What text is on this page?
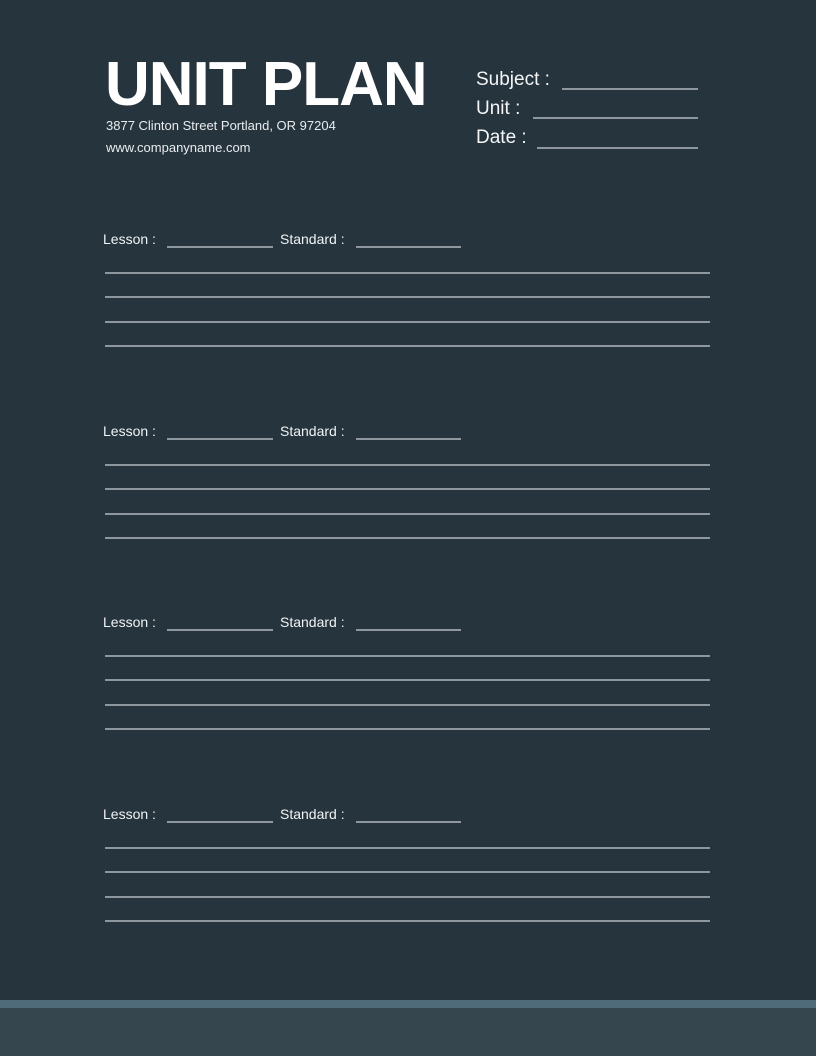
UNIT PLAN
3877 Clinton Street Portland, OR 97204
www.companyname.com
Subject :
Unit :
Date :
Lesson :	Standard :
Lesson :	Standard :
Lesson :	Standard :
Lesson :	Standard :
